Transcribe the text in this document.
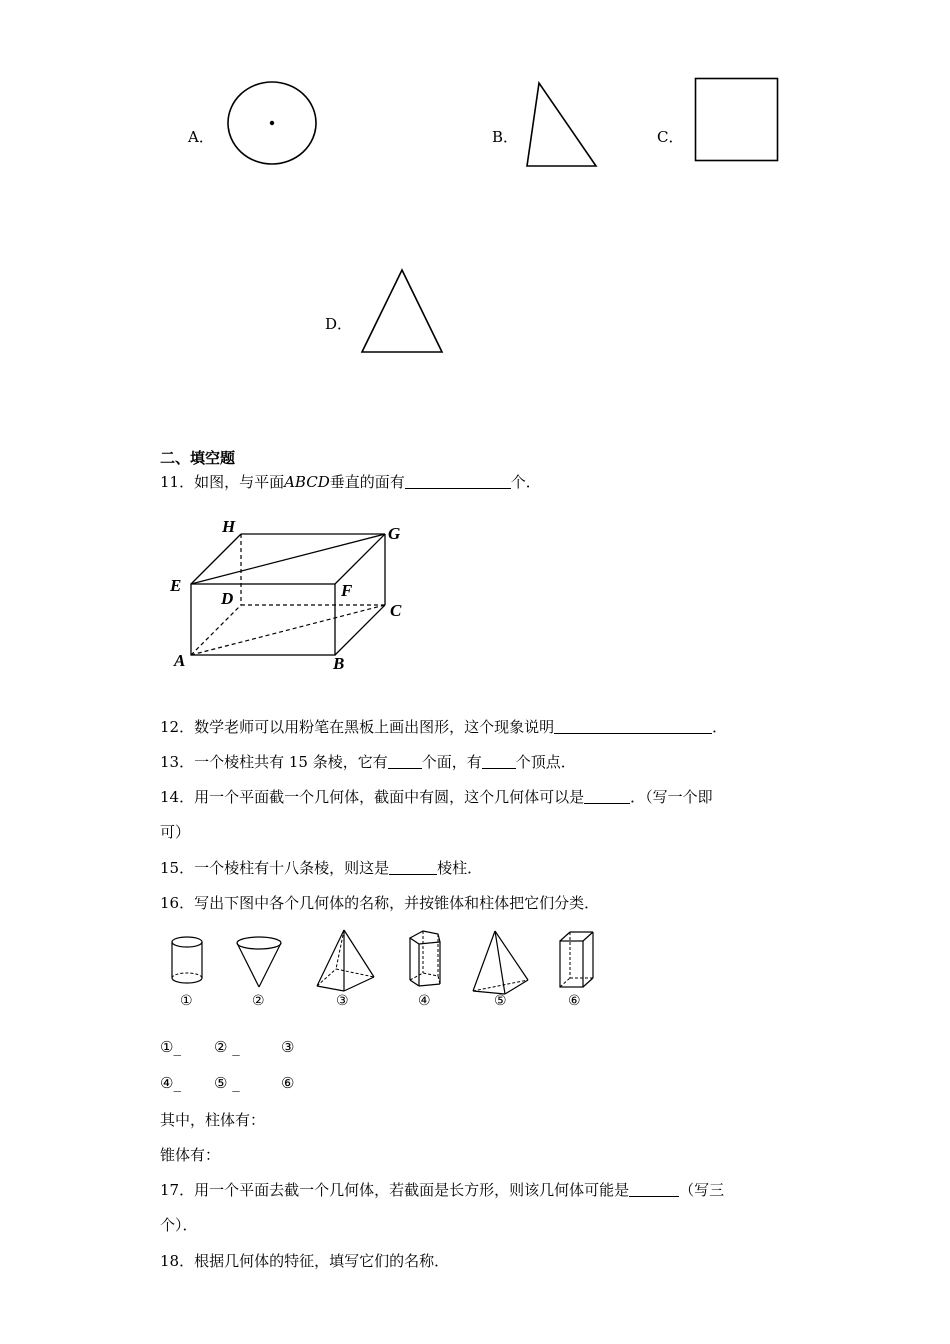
A．	B．	C．
D．
二、填空题
11．如图，与平面ABCD垂直的面有	个．
H	G
E	F
D
C
A	B
12．数学老师可以用粉笔在黑板上画出图形，这个现象说明	．
13．一个棱柱共有 15 条棱，它有 个面，有 个顶点．
14．用一个平面截一个几何体，截面中有圆，这个几何体可以是	．（写一个即
可）
15．一个棱柱有十八条棱，则这是	棱柱．
16．写出下图中各个几何体的名称，并按锥体和柱体把它们分类．
①	②	③	④	⑤	⑥
①_ ② _	③
④_ ⑤ _	⑥
其中，柱体有：
锥体有：
17．用一个平面去截一个几何体，若截面是长方形，则该几何体可能是	（写三
个）．
18．根据几何体的特征，填写它们的名称．
